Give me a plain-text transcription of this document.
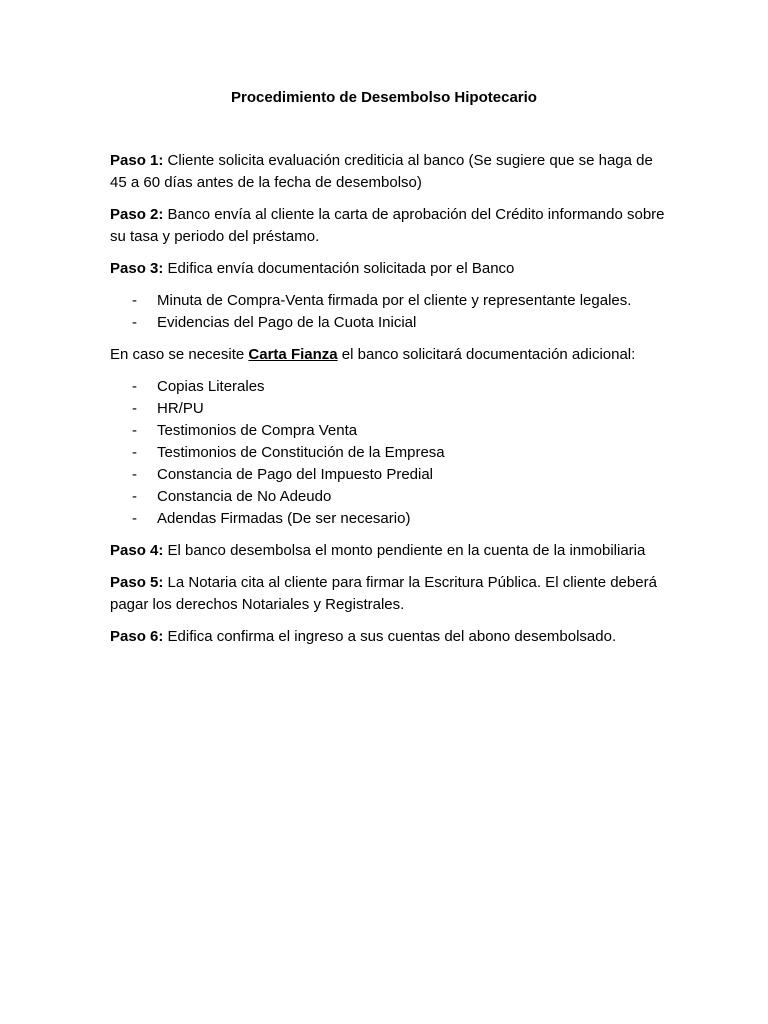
Procedimiento de Desembolso Hipotecario

Paso 1: Cliente solicita evaluación crediticia al banco (Se sugiere que se haga de 45 a 60 días antes de la fecha de desembolso)

Paso 2: Banco envía al cliente la carta de aprobación del Crédito informando sobre su tasa y periodo del préstamo.

Paso 3: Edifica envía documentación solicitada por el Banco

- Minuta de Compra-Venta firmada por el cliente y representante legales.
- Evidencias del Pago de la Cuota Inicial

En caso se necesite Carta Fianza el banco solicitará documentación adicional:

- Copias Literales
- HR/PU
- Testimonios de Compra Venta
- Testimonios de Constitución de la Empresa
- Constancia de Pago del Impuesto Predial
- Constancia de No Adeudo
- Adendas Firmadas (De ser necesario)

Paso 4: El banco desembolsa el monto pendiente en la cuenta de la inmobiliaria

Paso 5: La Notaria cita al cliente para firmar la Escritura Pública. El cliente deberá pagar los derechos Notariales y Registrales.

Paso 6: Edifica confirma el ingreso a sus cuentas del abono desembolsado.
